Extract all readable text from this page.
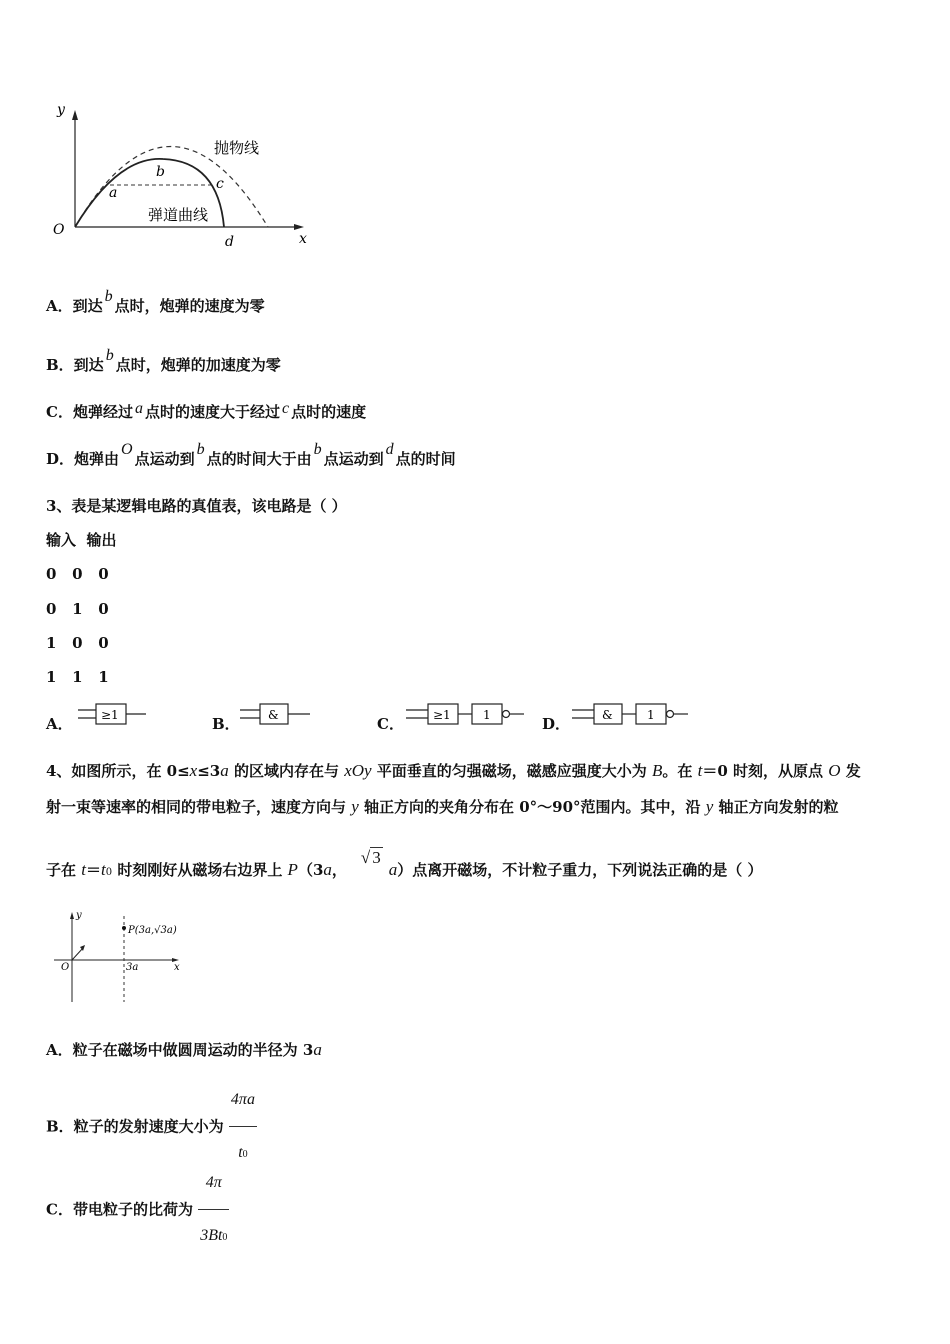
y
x
O
抛物线
弹道曲线
a
b
c
d
A．到达b点时，炮弹的速度为零
B．到达b点时，炮弹的加速度为零
C．炮弹经过 a 点时的速度大于经过 c 点时的速度
D．炮弹由O点运动到b点的时间大于由b点运动到d点的时间
3、表是某逻辑电路的真值表，该电路是（ ）
输入  输出
0   0   0
0   1   0
1   0   0
1   1   1
A． ≥1	B． &	C． ≥1	1	D．	&	1
4、如图所示，在 0≤x≤3a 的区域内存在与 xOy 平面垂直的匀强磁场，磁感应强度大小为 B。在 t＝0 时刻，从原点 O 发
射一束等速率的相同的带电粒子，速度方向与 y 轴正方向的夹角分布在 0°～90°范围内。其中，沿 y 轴正方向发射的粒
子在 t＝t0 时刻刚好从磁场右边界上 P（3a，√ 3a）点离开磁场，不计粒子重力，下列说法正确的是（ ）
y
x
O	3a
P(3a,√3a)
A．粒子在磁场中做圆周运动的半径为 3a
B．粒子的发射速度大小为 $\frac{4\pi a}{t0}$
C．带电粒子的比荷为 $\frac{4\pi}{3Bt0}$
